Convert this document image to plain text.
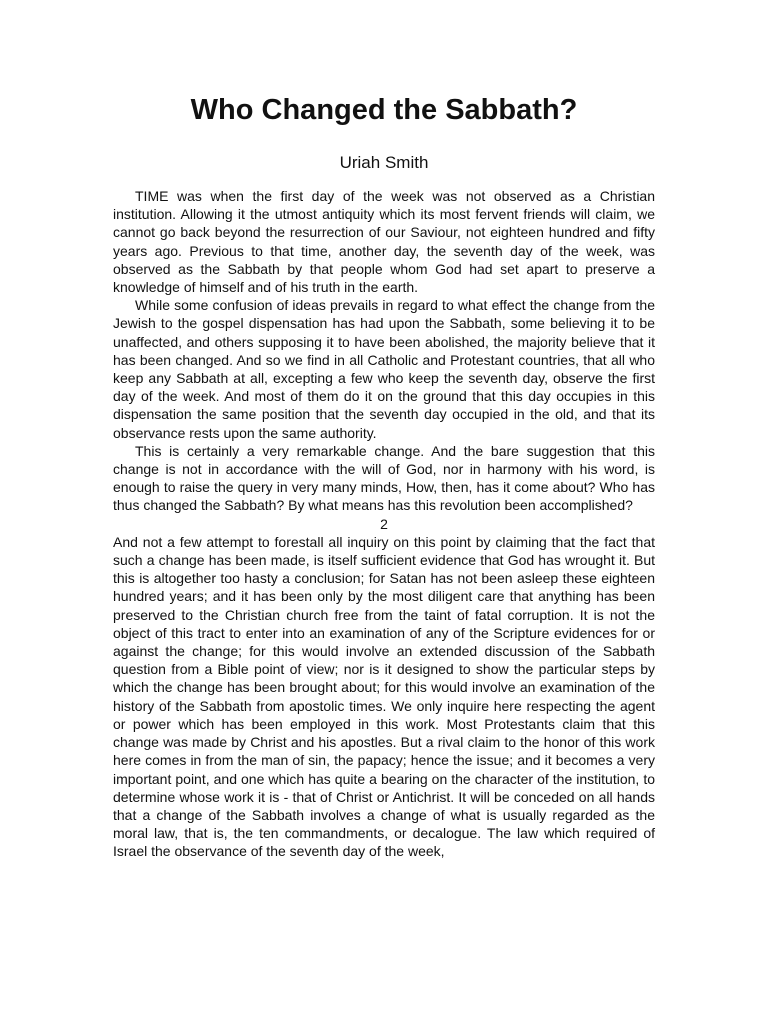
Who Changed the Sabbath?
Uriah Smith

TIME was when the first day of the week was not observed as a Christian institution. Allowing it the utmost antiquity which its most fervent friends will claim, we cannot go back beyond the resurrection of our Saviour, not eighteen hundred and fifty years ago. Previous to that time, another day, the seventh day of the week, was observed as the Sabbath by that people whom God had set apart to preserve a knowledge of himself and of his truth in the earth.

While some confusion of ideas prevails in regard to what effect the change from the Jewish to the gospel dispensation has had upon the Sabbath, some believing it to be unaffected, and others supposing it to have been abolished, the majority believe that it has been changed. And so we find in all Catholic and Protestant countries, that all who keep any Sabbath at all, excepting a few who keep the seventh day, observe the first day of the week. And most of them do it on the ground that this day occupies in this dispensation the same position that the seventh day occupied in the old, and that its observance rests upon the same authority.

This is certainly a very remarkable change. And the bare suggestion that this change is not in accordance with the will of God, nor in harmony with his word, is enough to raise the query in very many minds, How, then, has it come about? Who has thus changed the Sabbath? By what means has this revolution been accomplished?

2

And not a few attempt to forestall all inquiry on this point by claiming that the fact that such a change has been made, is itself sufficient evidence that God has wrought it. But this is altogether too hasty a conclusion; for Satan has not been asleep these eighteen hundred years; and it has been only by the most diligent care that anything has been preserved to the Christian church free from the taint of fatal corruption. It is not the object of this tract to enter into an examination of any of the Scripture evidences for or against the change; for this would involve an extended discussion of the Sabbath question from a Bible point of view; nor is it designed to show the particular steps by which the change has been brought about; for this would involve an examination of the history of the Sabbath from apostolic times. We only inquire here respecting the agent or power which has been employed in this work. Most Protestants claim that this change was made by Christ and his apostles. But a rival claim to the honor of this work here comes in from the man of sin, the papacy; hence the issue; and it becomes a very important point, and one which has quite a bearing on the character of the institution, to determine whose work it is - that of Christ or Antichrist. It will be conceded on all hands that a change of the Sabbath involves a change of what is usually regarded as the moral law, that is, the ten commandments, or decalogue. The law which required of Israel the observance of the seventh day of the week,
